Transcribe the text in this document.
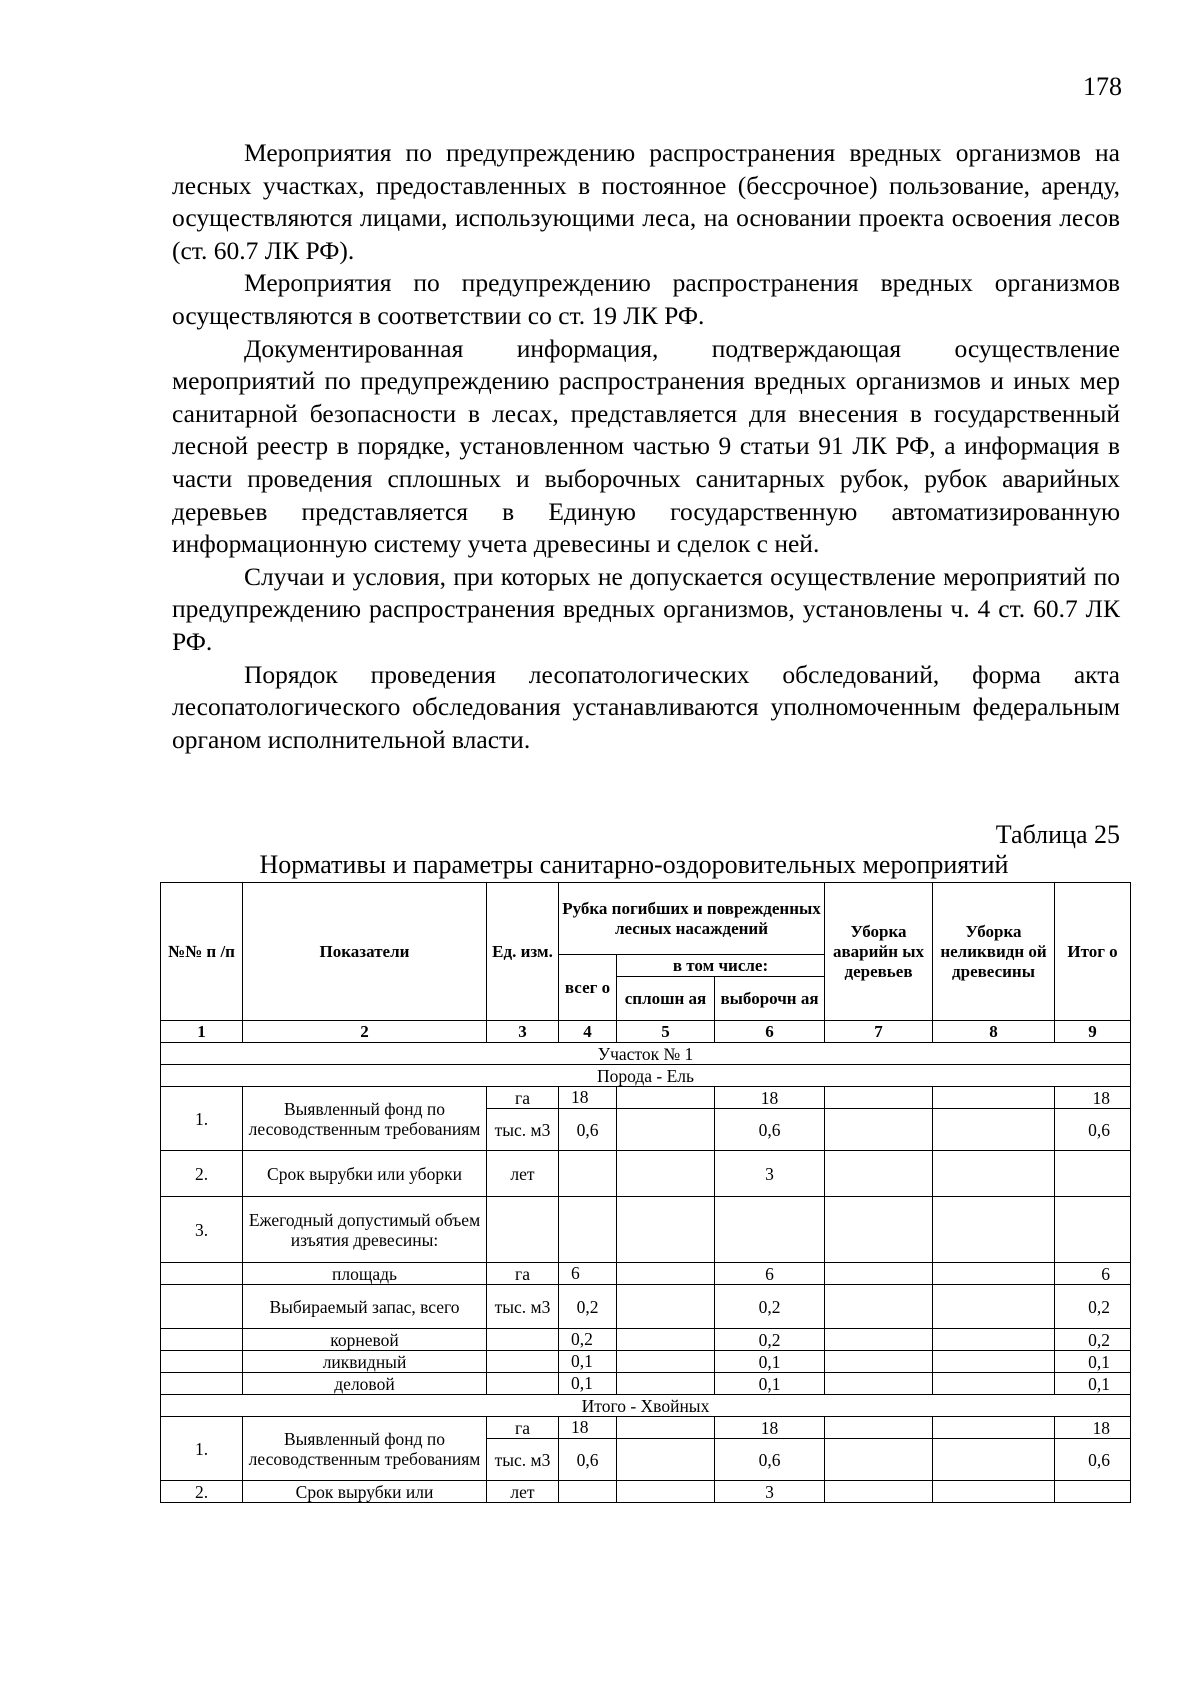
178

Мероприятия по предупреждению распространения вредных организмов на лесных участках, предоставленных в постоянное (бессрочное) пользование, аренду, осуществляются лицами, использующими леса, на основании проекта освоения лесов (ст. 60.7 ЛК РФ).

Мероприятия по предупреждению распространения вредных организмов осуществляются в соответствии со ст. 19 ЛК РФ.

Документированная информация, подтверждающая осуществление мероприятий по предупреждению распространения вредных организмов и иных мер санитарной безопасности в лесах, представляется для внесения в государственный лесной реестр в порядке, установленном частью 9 статьи 91 ЛК РФ, а информация в части проведения сплошных и выборочных санитарных рубок, рубок аварийных деревьев представляется в Единую государственную автоматизированную информационную систему учета древесины и сделок с ней.

Случаи и условия, при которых не допускается осуществление мероприятий по предупреждению распространения вредных организмов, установлены ч. 4 ст. 60.7 ЛК РФ.

Порядок проведения лесопатологических обследований, форма акта лесопатологического обследования устанавливаются уполномоченным федеральным органом исполнительной власти.

Таблица 25
Нормативы и параметры санитарно-оздоровительных мероприятий
№№ п /п	Показатели	Ед. изм.	Рубка погибших и поврежденных лесных насаждений			Уборка аварийн ых деревьев	Уборка неликвидн ой древесины	Итог о
			всег о	в том числе:				
				сплошн ая	выборочн ая			
1	2	3	4	5	6	7	8	9
Участок № 1								
Порода - Ель								
1.	Выявленный фонд по лесоводственным требованиям	га	18		18			18
		тыс. м3	0,6		0,6			0,6
2.	Срок вырубки или уборки	лет			3			
3.	Ежегодный допустимый объем изъятия древесины:							
	площадь	га	6		6			6
	Выбираемый запас, всего	тыс. м3	0,2		0,2			0,2
	корневой		0,2		0,2			0,2
	ликвидный		0,1		0,1			0,1
	деловой		0,1		0,1			0,1
Итого - Хвойных								
1.	Выявленный фонд по лесоводственным требованиям	га	18		18			18
		тыс. м3	0,6		0,6			0,6
2.	Срок вырубки или	лет			3			
